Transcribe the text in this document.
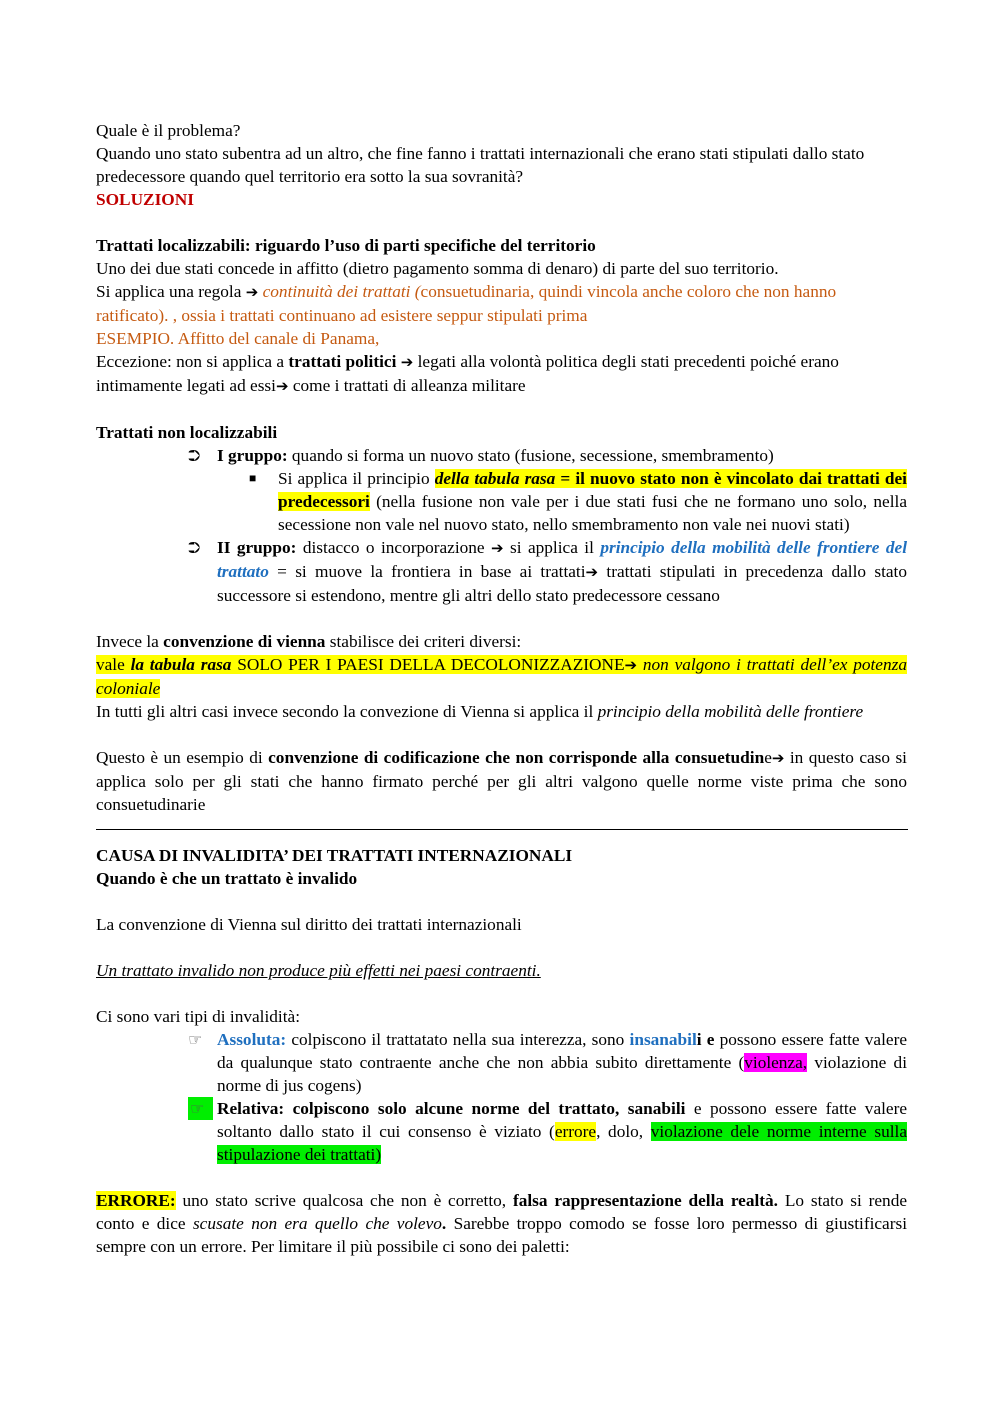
Quale è il problema?

Quando uno stato subentra ad un altro, che fine fanno i trattati internazionali che erano stati stipulati dallo stato predecessore quando quel territorio era sotto la sua sovranità?

SOLUZIONI

Trattati localizzabili: riguardo l’uso di parti specifiche del territorio

Uno dei due stati concede in affitto (dietro pagamento somma di denaro) di parte del suo territorio.

Si applica una regola ➔ continuità dei trattati (consuetudinaria, quindi vincola anche coloro che non hanno ratificato). , ossia i trattati continuano ad esistere seppur stipulati prima

ESEMPIO. Affitto del canale di Panama,

Eccezione: non si applica a trattati politici ➔ legati alla volontà politica degli stati precedenti poiché erano intimamente legati ad essi➔ come i trattati di alleanza militare

Trattati non localizzabili

⮊ I gruppo: quando si forma un nuovo stato (fusione, secessione, smembramento)
■ Si applica il principio della tabula rasa = il nuovo stato non è vincolato dai trattati dei predecessori (nella fusione non vale per i due stati fusi che ne formano uno solo, nella secessione non vale nel nuovo stato, nello smembramento non vale nei nuovi stati)
⮊ II gruppo: distacco o incorporazione ➔ si applica il principio della mobilità delle frontiere del trattato = si muove la frontiera in base ai trattati➔ trattati stipulati in precedenza dallo stato successore si estendono, mentre gli altri dello stato predecessore cessano

Invece la convenzione di vienna stabilisce dei criteri diversi:

vale la tabula rasa SOLO PER I PAESI DELLA DECOLONIZZAZIONE➔ non valgono i trattati dell’ex potenza coloniale

In tutti gli altri casi invece secondo la convezione di Vienna si applica il principio della mobilità delle frontiere

Questo è un esempio di convenzione di codificazione che non corrisponde alla consuetudine➔ in questo caso si applica solo per gli stati che hanno firmato perché per gli altri valgono quelle norme viste prima che sono consuetudinarie

CAUSA DI INVALIDITA’ DEI TRATTATI INTERNAZIONALI

Quando è che un trattato è invalido

La convenzione di Vienna sul diritto dei trattati internazionali

Un trattato invalido non produce più effetti nei paesi contraenti.

Ci sono vari tipi di invalidità:

☞ Assoluta: colpiscono il trattatato nella sua interezza, sono insanabili e possono essere fatte valere da qualunque stato contraente anche che non abbia subito direttamente (violenza, violazione di norme di jus cogens)
☞ Relativa: colpiscono solo alcune norme del trattato, sanabili e possono essere fatte valere soltanto dallo stato il cui consenso è viziato (errore, dolo, violazione dele norme interne sulla stipulazione dei trattati)

ERRORE: uno stato scrive qualcosa che non è corretto, falsa rappresentazione della realtà. Lo stato si rende conto e dice scusate non era quello che volevo. Sarebbe troppo comodo se fosse loro permesso di giustificarsi sempre con un errore. Per limitare il più possibile ci sono dei paletti:
